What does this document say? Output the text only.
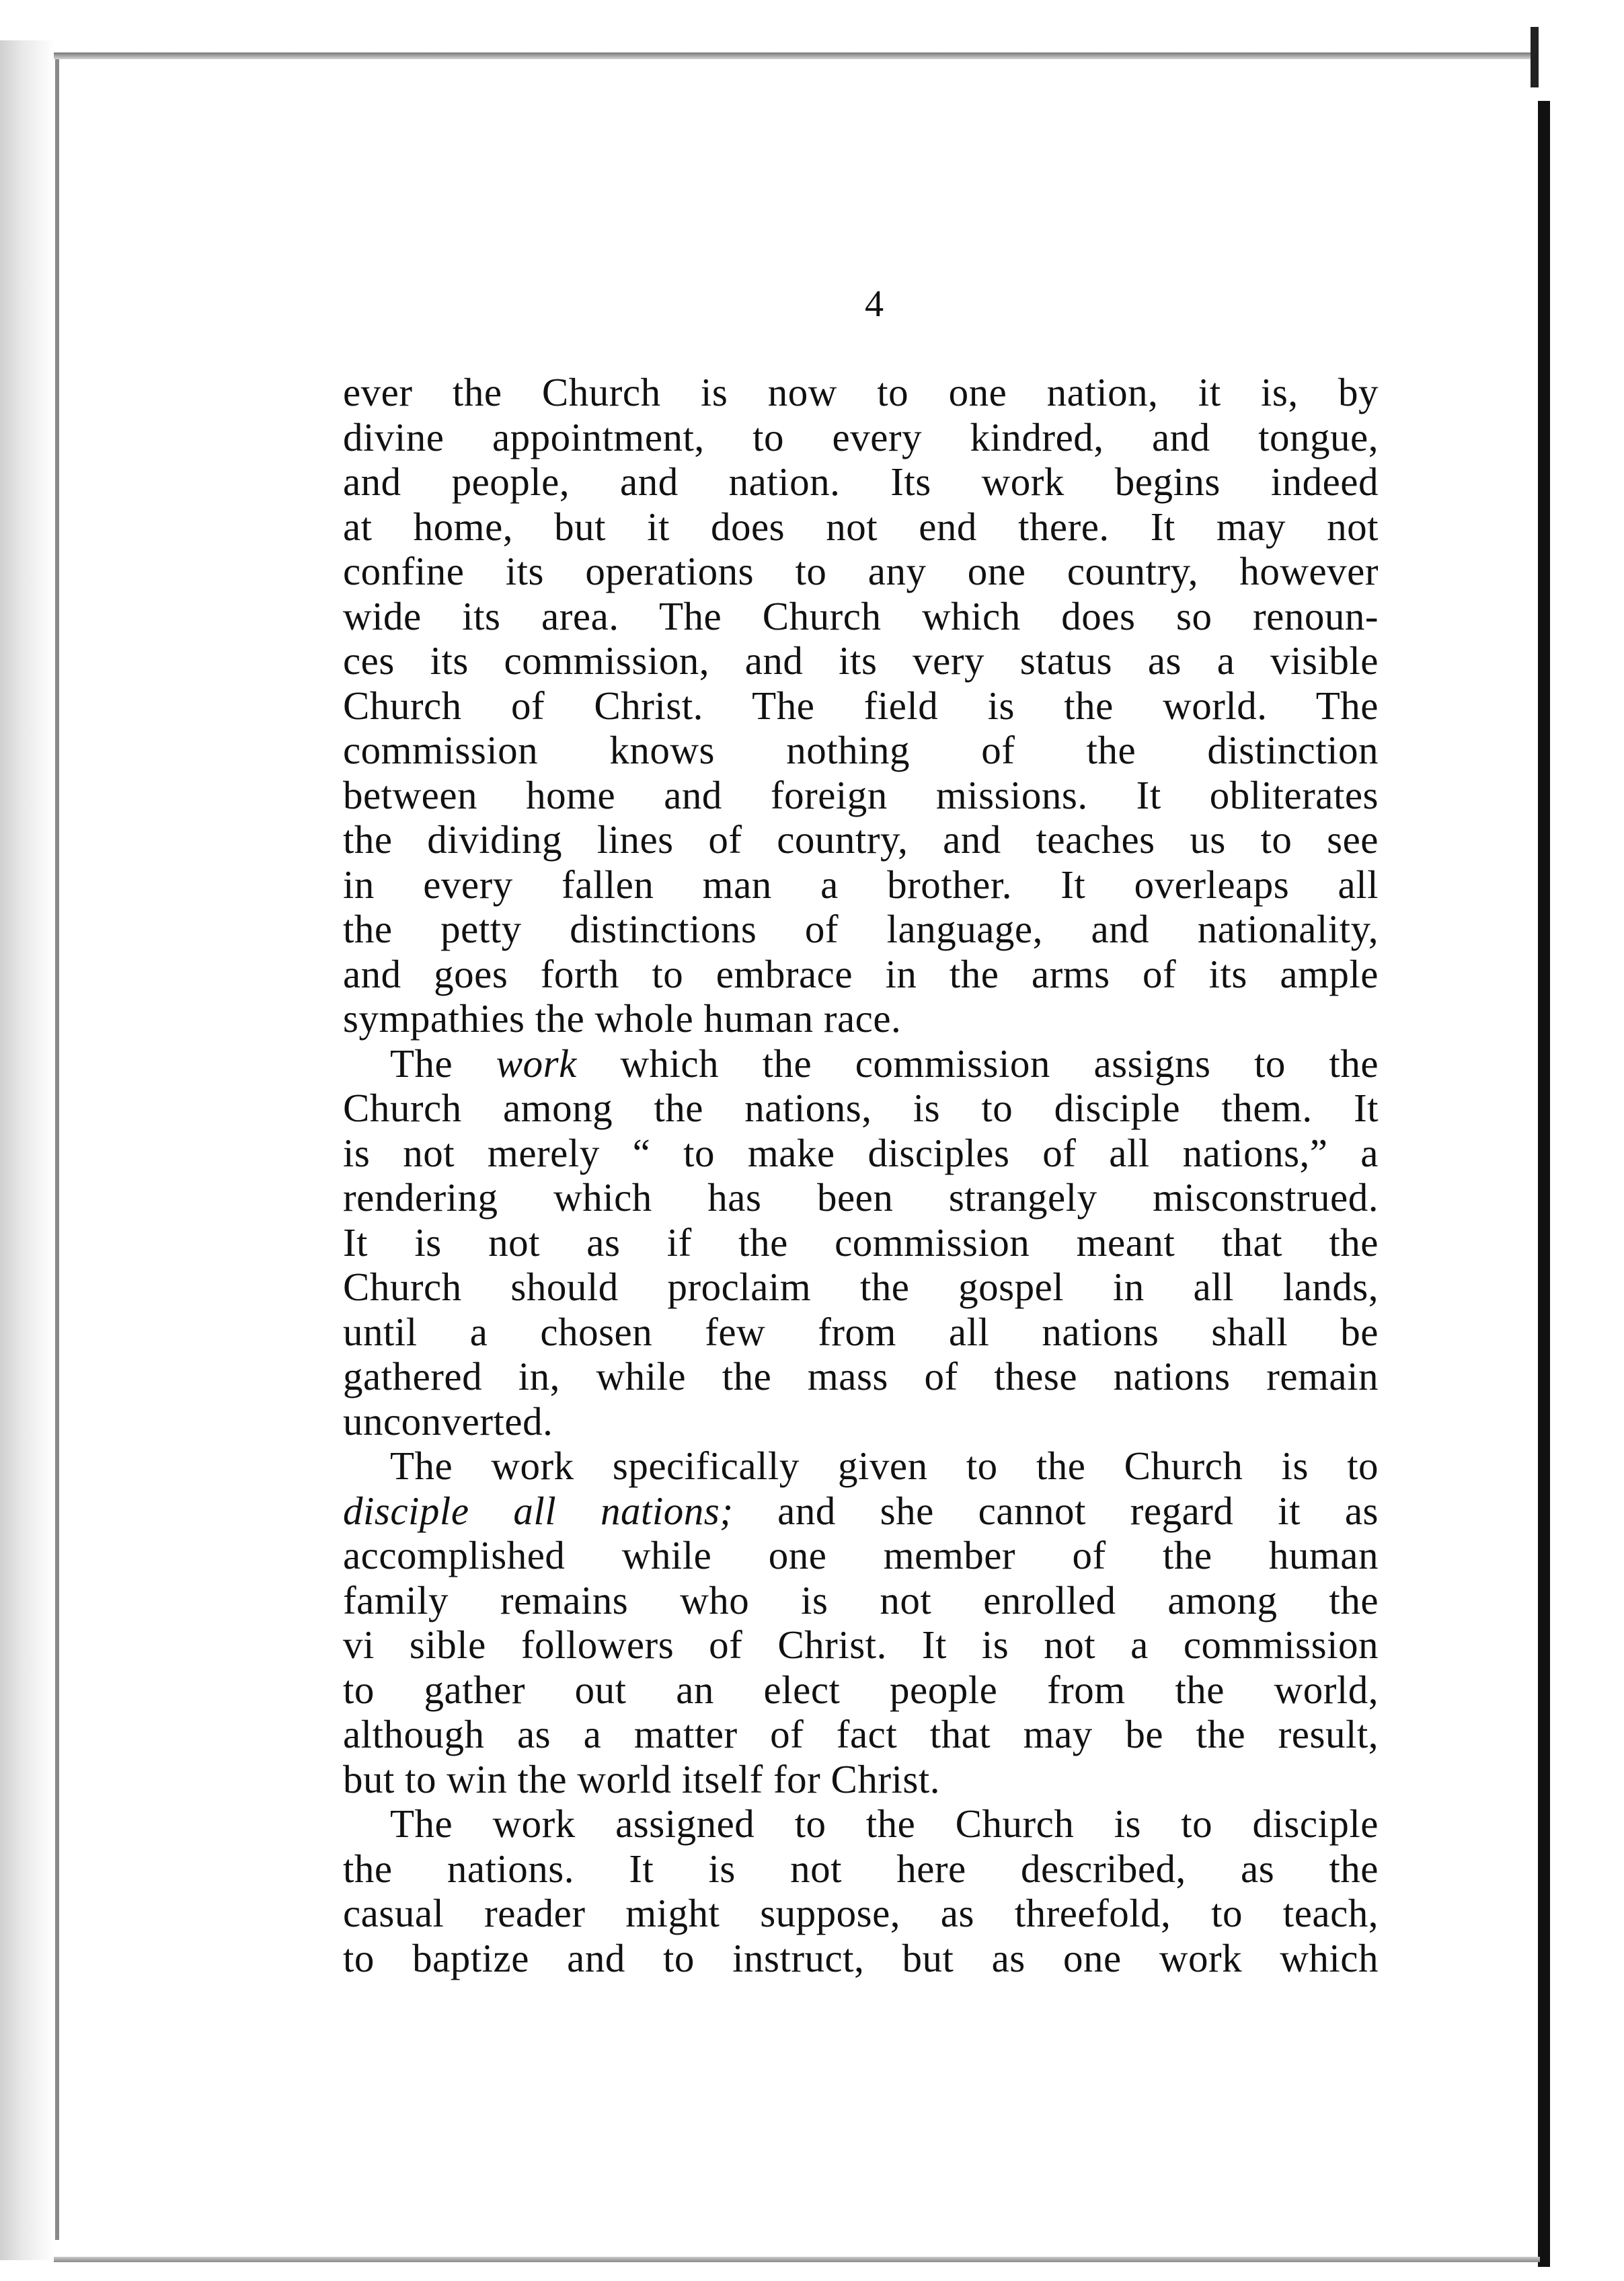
4

ever the Church is now to one nation, it is, by
divine appointment, to every kindred, and tongue,
and people, and nation. Its work begins indeed
at home, but it does not end there. It may not
confine its operations to any one country, however
wide its area. The Church which does so renoun-
ces its commission, and its very status as a visible
Church of Christ. The field is the world. The
commission knows nothing of the distinction
between home and foreign missions. It obliterates
the dividing lines of country, and teaches us to see
in every fallen man a brother. It overleaps all
the petty distinctions of language, and nationality,
and goes forth to embrace in the arms of its ample
sympathies the whole human race.

The work which the commission assigns to the
Church among the nations, is to disciple them. It
is not merely “ to make disciples of all nations,” a
rendering which has been strangely misconstrued.
It is not as if the commission meant that the
Church should proclaim the gospel in all lands,
until a chosen few from all nations shall be
gathered in, while the mass of these nations remain
unconverted.

The work specifically given to the Church is to
disciple all nations; and she cannot regard it as
accomplished while one member of the human
family remains who is not enrolled among the
vi sible followers of Christ. It is not a commission
to gather out an elect people from the world,
although as a matter of fact that may be the result,
but to win the world itself for Christ.

The work assigned to the Church is to disciple
the nations. It is not here described, as the
casual reader might suppose, as threefold, to teach,
to baptize and to instruct, but as one work which
